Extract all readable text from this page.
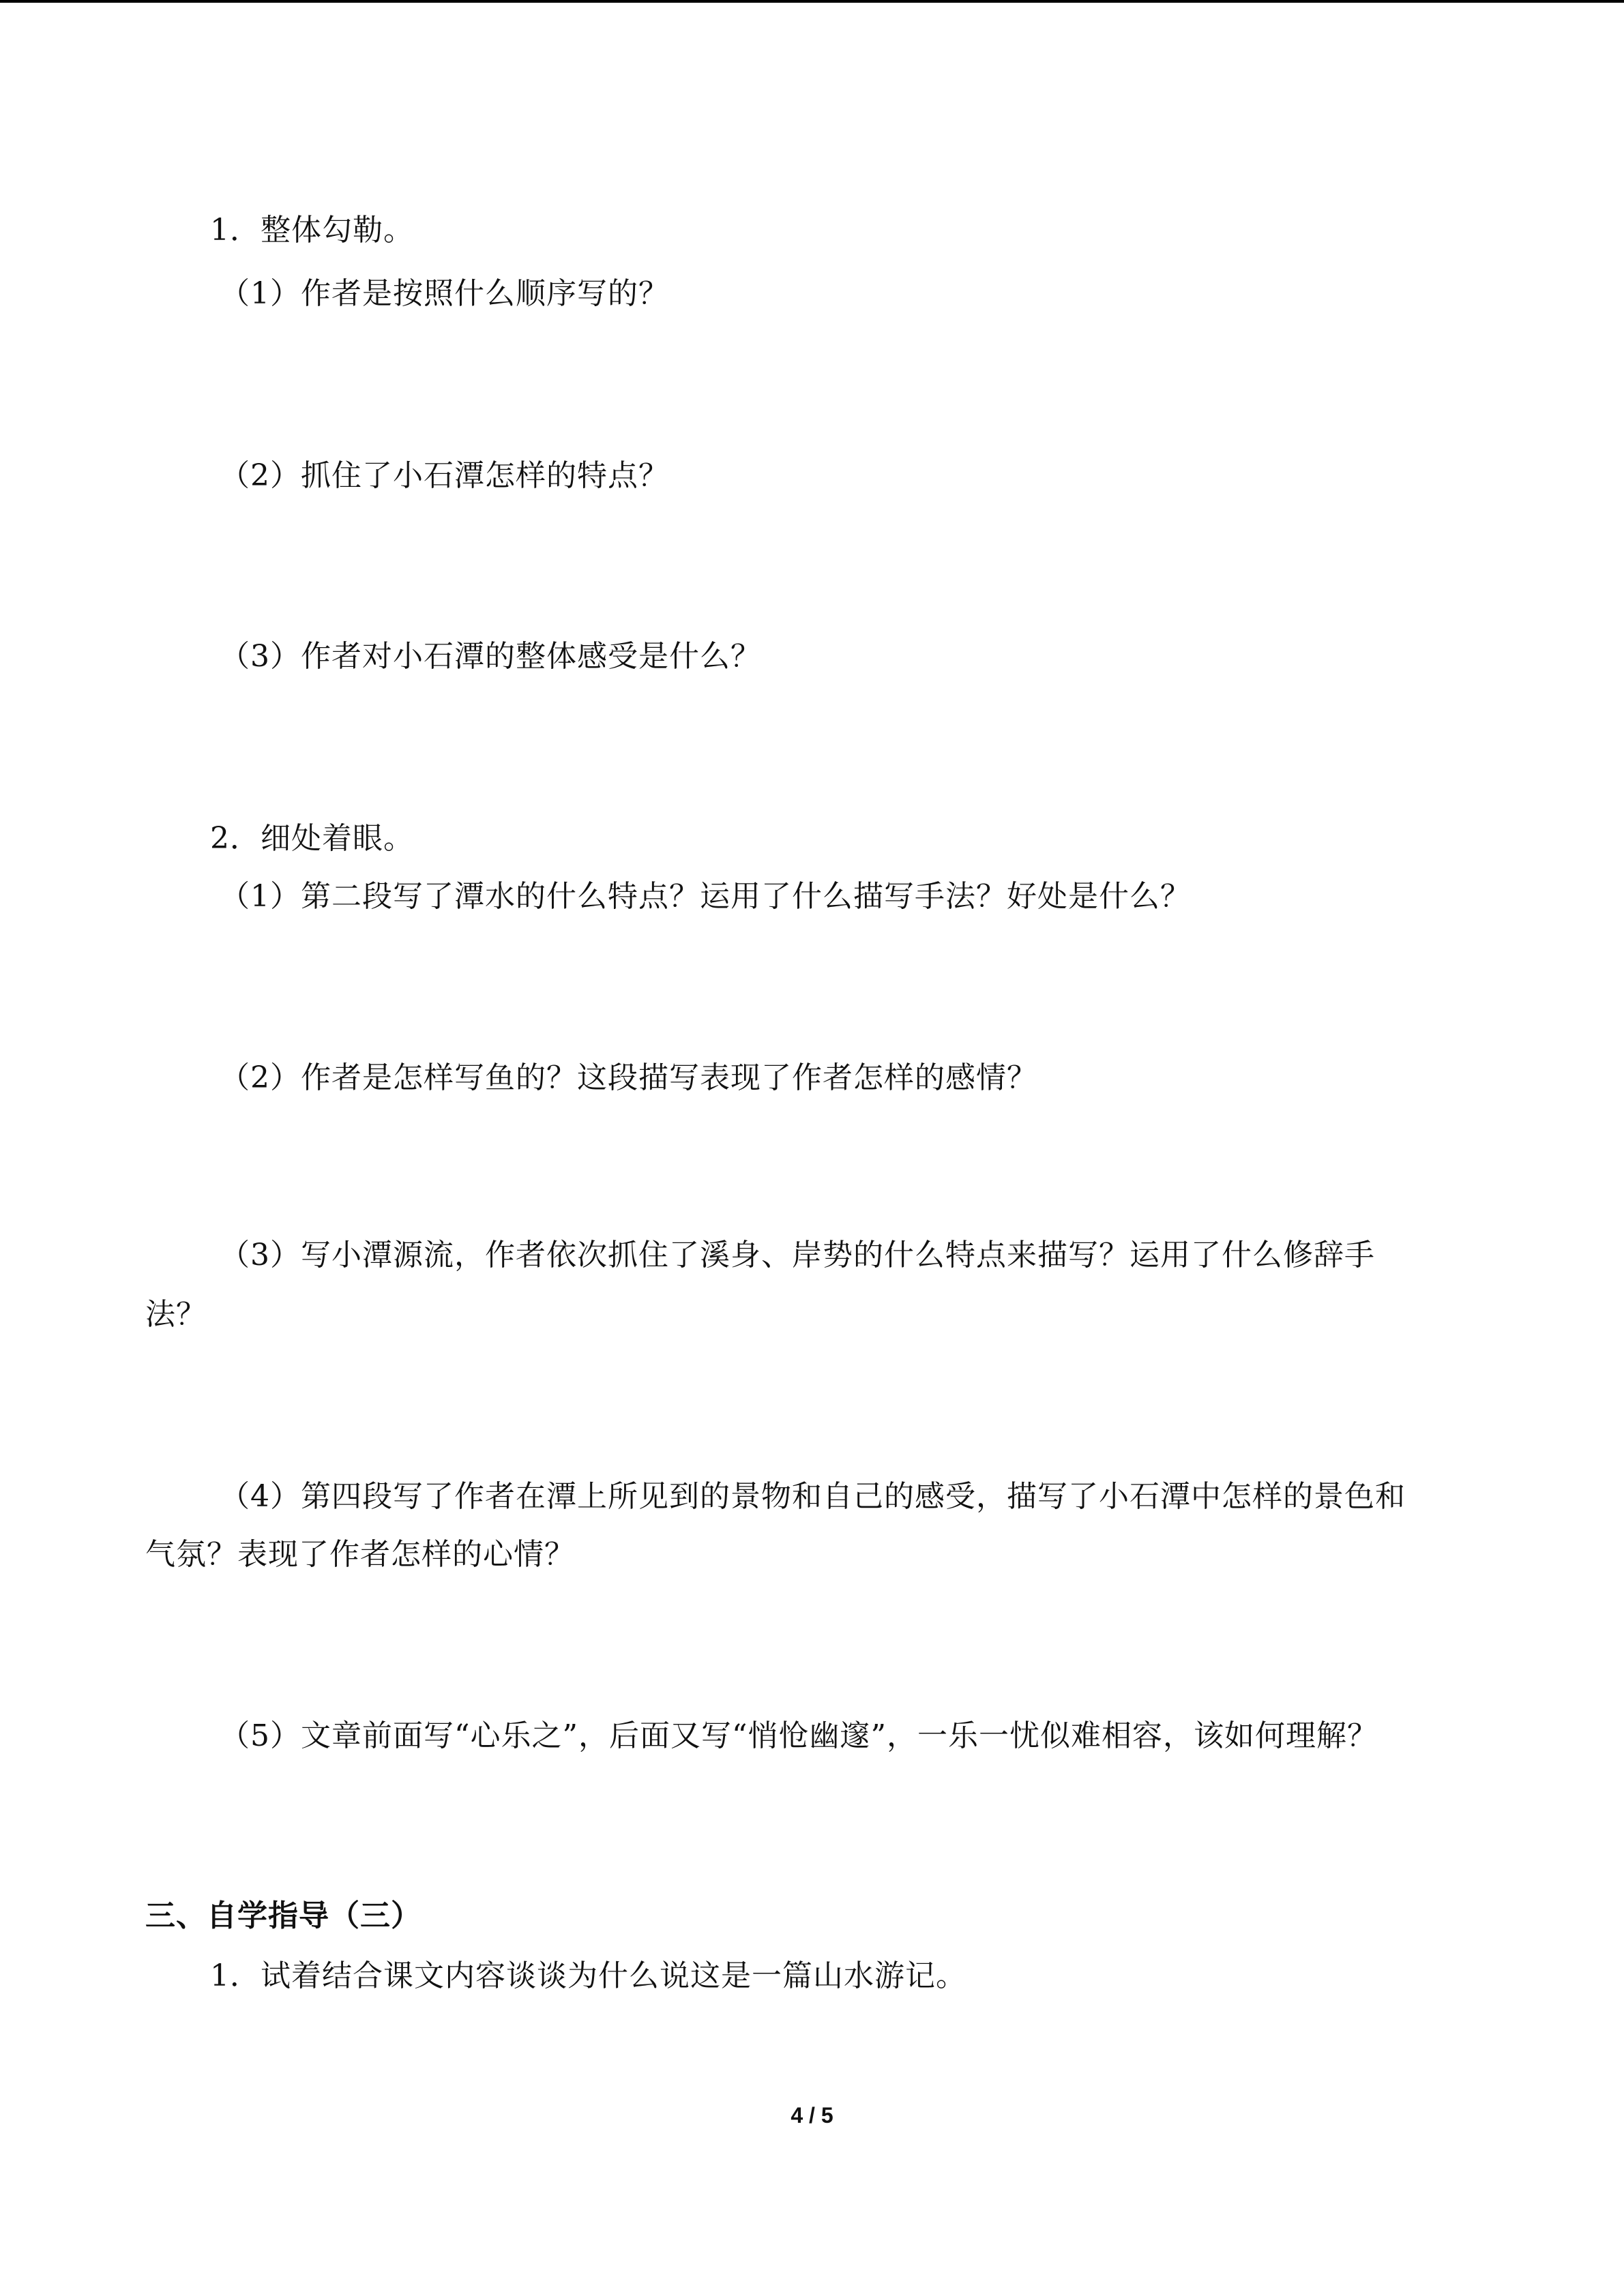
1．整体勾勒。
（1）作者是按照什么顺序写的？
（2）抓住了小石潭怎样的特点？
（3）作者对小石潭的整体感受是什么？
2．细处着眼。
（1）第二段写了潭水的什么特点？运用了什么描写手法？好处是什么？
（2）作者是怎样写鱼的？这段描写表现了作者怎样的感情？
（3）写小潭源流，作者依次抓住了溪身、岸势的什么特点来描写？运用了什么修辞手
法？
（4）第四段写了作者在潭上所见到的景物和自己的感受，描写了小石潭中怎样的景色和
气氛？表现了作者怎样的心情？
（5）文章前面写“心乐之”，后面又写“悄怆幽邃”，一乐一忧似难相容，该如何理解？
三、自学指导（三）
1．试着结合课文内容谈谈为什么说这是一篇山水游记。
4 / 5
